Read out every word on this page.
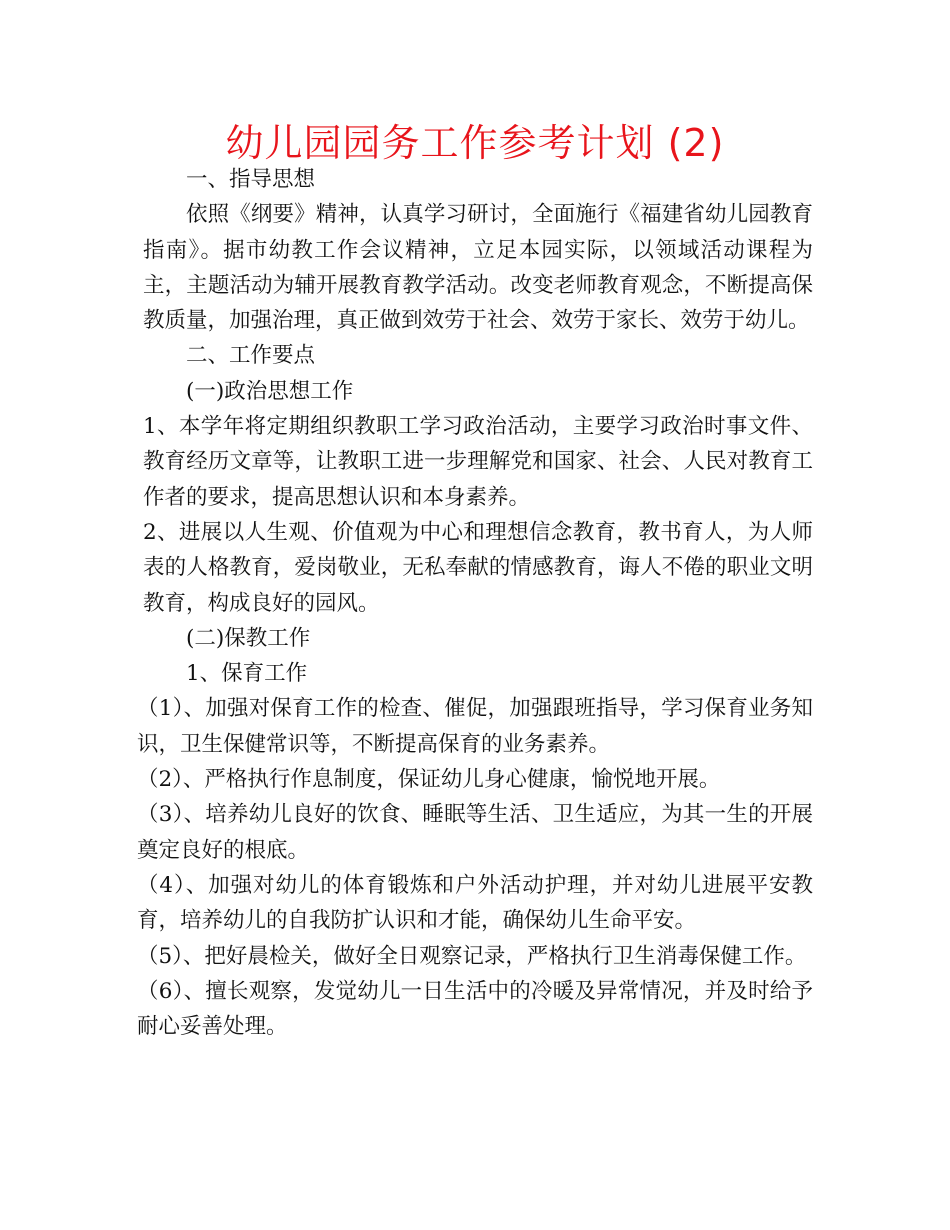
幼儿园园务工作参考计划 (2)

一、指导思想

依照《纲要》精神，认真学习研讨，全面施行《福建省幼儿园教育指南》。据市幼教工作会议精神，立足本园实际，以领域活动课程为主，主题活动为辅开展教育教学活动。改变老师教育观念，不断提高保教质量，加强治理，真正做到效劳于社会、效劳于家长、效劳于幼儿。

二、工作要点

(一)政治思想工作

1、本学年将定期组织教职工学习政治活动，主要学习政治时事文件、教育经历文章等，让教职工进一步理解党和国家、社会、人民对教育工作者的要求，提高思想认识和本身素养。

2、进展以人生观、价值观为中心和理想信念教育，教书育人，为人师表的人格教育，爱岗敬业，无私奉献的情感教育，诲人不倦的职业文明教育，构成良好的园风。

(二)保教工作

1、保育工作

（1）、加强对保育工作的检查、催促，加强跟班指导，学习保育业务知识，卫生保健常识等，不断提高保育的业务素养。

（2）、严格执行作息制度，保证幼儿身心健康，愉悦地开展。

（3）、培养幼儿良好的饮食、睡眠等生活、卫生适应，为其一生的开展奠定良好的根底。

（4）、加强对幼儿的体育锻炼和户外活动护理，并对幼儿进展平安教育，培养幼儿的自我防扩认识和才能，确保幼儿生命平安。

（5）、把好晨检关，做好全日观察记录，严格执行卫生消毒保健工作。

（6）、擅长观察，发觉幼儿一日生活中的冷暖及异常情况，并及时给予耐心妥善处理。
